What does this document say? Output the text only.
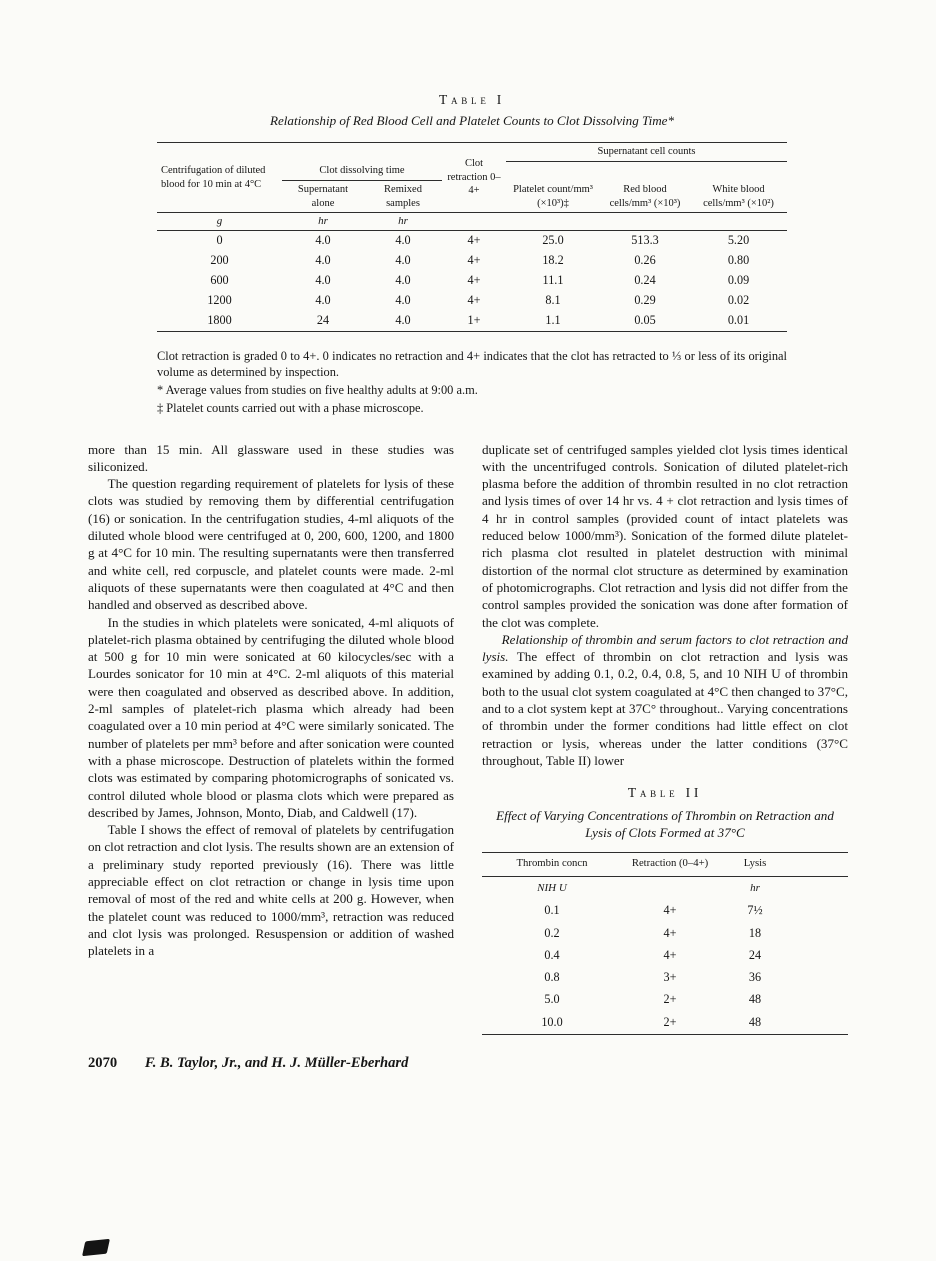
Table I
Relationship of Red Blood Cell and Platelet Counts to Clot Dissolving Time*
Centrifugation of diluted blood for 10 min at 4°C			Clot retraction 0–4+	Supernatant cell counts		
	Clot dissolving time			Platelet count/mm³ (×10³)‡	Red blood cells/mm³ (×10³)	White blood cells/mm³ (×10²)
	Supernatant alone	Remixed samples				
g	hr	hr				
0	4.0	4.0	4+	25.0	513.3	5.20
200	4.0	4.0	4+	18.2	0.26	0.80
600	4.0	4.0	4+	11.1	0.24	0.09
1200	4.0	4.0	4+	8.1	0.29	0.02
1800	24	4.0	1+	1.1	0.05	0.01

Clot retraction is graded 0 to 4+. 0 indicates no retraction and 4+ indicates that the clot has retracted to ⅓ or less of its original volume as determined by inspection.

* Average values from studies on five healthy adults at 9:00 a.m.

‡ Platelet counts carried out with a phase microscope.

more than 15 min. All glassware used in these studies was siliconized.

The question regarding requirement of platelets for lysis of these clots was studied by removing them by differential centrifugation (16) or sonication. In the centrifugation studies, 4-ml aliquots of the diluted whole blood were centrifuged at 0, 200, 600, 1200, and 1800 g at 4°C for 10 min. The resulting supernatants were then transferred and white cell, red corpuscle, and platelet counts were made. 2-ml aliquots of these supernatants were then coagulated at 4°C and then handled and observed as described above.

In the studies in which platelets were sonicated, 4-ml aliquots of platelet-rich plasma obtained by centrifuging the diluted whole blood at 500 g for 10 min were sonicated at 60 kilocycles/sec with a Lourdes sonicator for 10 min at 4°C. 2-ml aliquots of this material were then coagulated and observed as described above. In addition, 2-ml samples of platelet-rich plasma which already had been coagulated over a 10 min period at 4°C were similarly sonicated. The number of platelets per mm³ before and after sonication were counted with a phase microscope. Destruction of platelets within the formed clots was estimated by comparing photomicrographs of sonicated vs. control diluted whole blood or plasma clots which were prepared as described by James, Johnson, Monto, Diab, and Caldwell (17).

Table I shows the effect of removal of platelets by centrifugation on clot retraction and clot lysis. The results shown are an extension of a preliminary study reported previously (16). There was little appreciable effect on clot retraction or change in lysis time upon removal of most of the red and white cells at 200 g. However, when the platelet count was reduced to 1000/mm³, retraction was reduced and clot lysis was prolonged. Resuspension or addition of washed platelets in a

duplicate set of centrifuged samples yielded clot lysis times identical with the uncentrifuged controls. Sonication of diluted platelet-rich plasma before the addition of thrombin resulted in no clot retraction and lysis times of over 14 hr vs. 4 + clot retraction and lysis times of 4 hr in control samples (provided count of intact platelets was reduced below 1000/mm³). Sonication of the formed dilute platelet-rich plasma clot resulted in platelet destruction with minimal distortion of the normal clot structure as determined by examination of photomicrographs. Clot retraction and lysis did not differ from the control samples provided the sonication was done after formation of the clot was complete.

Relationship of thrombin and serum factors to clot retraction and lysis. The effect of thrombin on clot retraction and lysis was examined by adding 0.1, 0.2, 0.4, 0.8, 5, and 10 NIH U of thrombin both to the usual clot system coagulated at 4°C then changed to 37°C, and to a clot system kept at 37C° throughout.. Varying concentrations of thrombin under the former conditions had little effect on clot retraction or lysis, whereas under the latter conditions (37°C throughout, Table II) lower

Table II
Effect of Varying Concentrations of Thrombin on Retraction and Lysis of Clots Formed at 37°C
Thrombin concn	Retraction (0–4+)	Lysis	
NIH U		hr	
0.1	4+	7½	
0.2	4+	18	
0.4	4+	24	
0.8	3+	36	
5.0	2+	48	
10.0	2+	48	
2070 F. B. Taylor, Jr., and H. J. Müller-Eberhard
